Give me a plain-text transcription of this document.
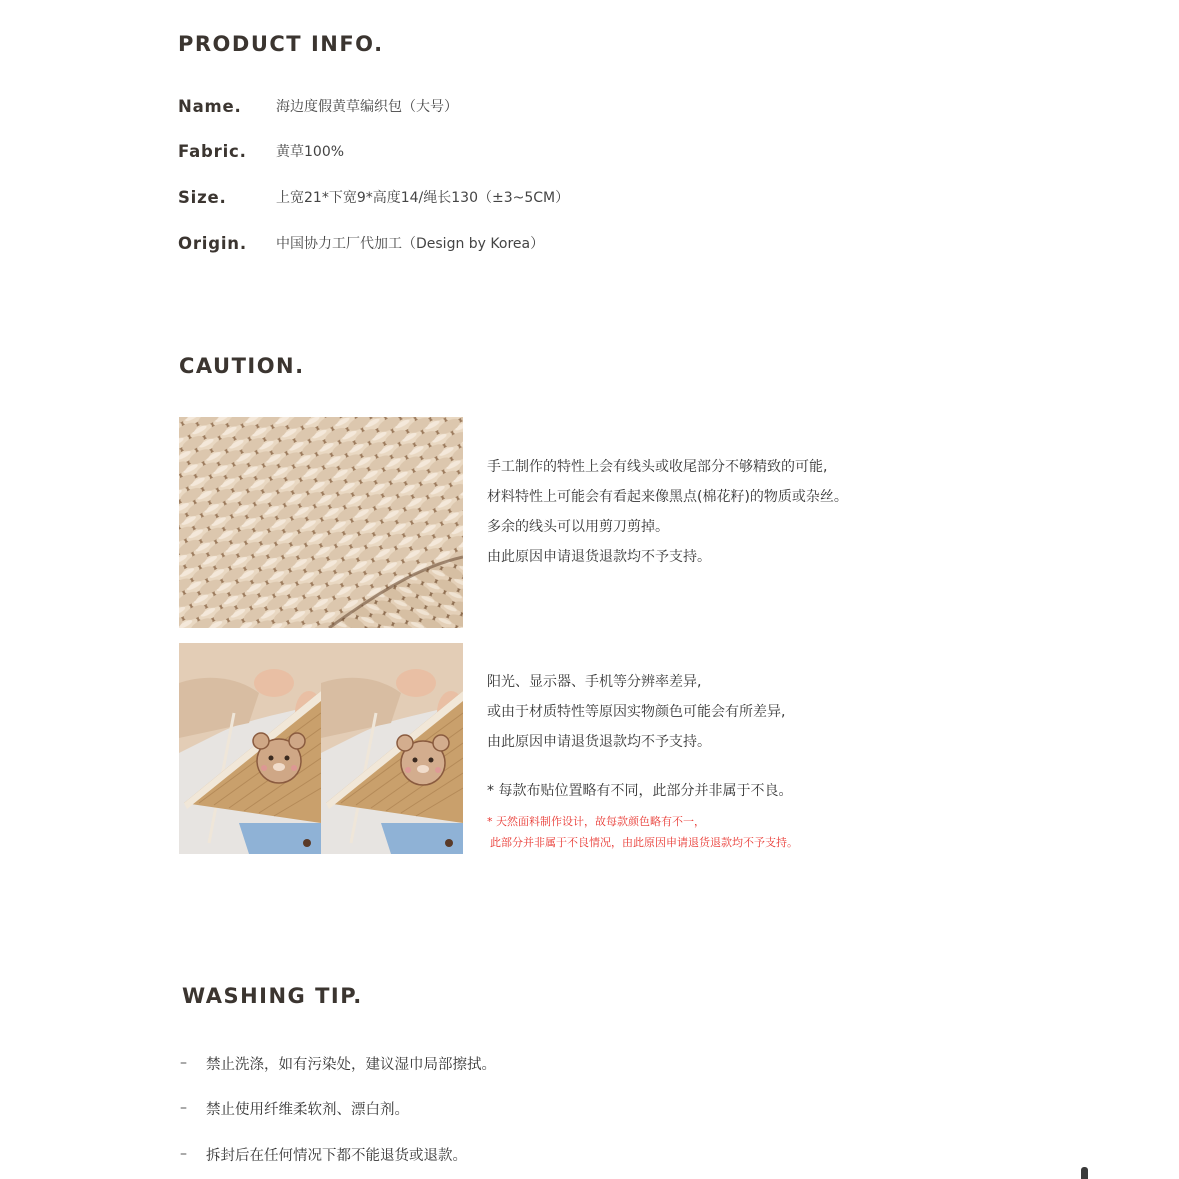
PRODUCT INFO.
Name.	海边度假黄草编织包（大号）
Fabric.	黄草100%
Size.	上宽21*下宽9*高度14/绳长130（±3~5CM）
Origin.	中国协力工厂代加工（Design by Korea）
CAUTION.
手工制作的特性上会有线头或收尾部分不够精致的可能,
材料特性上可能会有看起来像黑点(棉花籽)的物质或杂丝。
多余的线头可以用剪刀剪掉。
由此原因申请退货退款均不予支持。
阳光、显示器、手机等分辨率差异,
或由于材质特性等原因实物颜色可能会有所差异,
由此原因申请退货退款均不予支持。
* 每款布贴位置略有不同，此部分并非属于不良。
* 天然面料制作设计，故每款颜色略有不一，
此部分并非属于不良情况，由此原因申请退货退款均不予支持。
WASHING TIP.
–	禁止洗涤，如有污染处，建议湿巾局部擦拭。
–	禁止使用纤维柔软剂、漂白剂。
–	拆封后在任何情况下都不能退货或退款。
